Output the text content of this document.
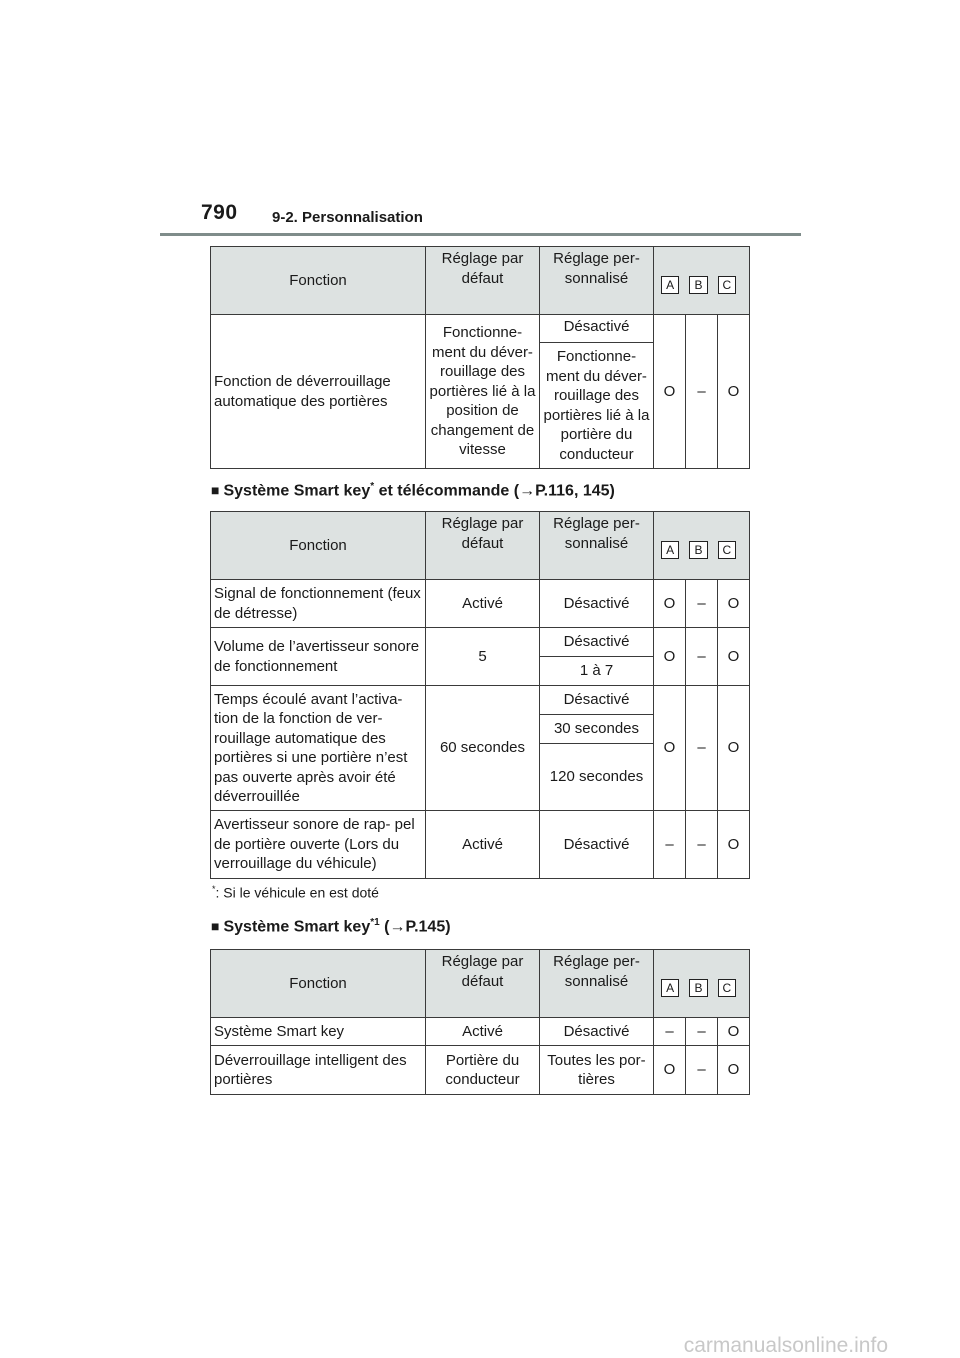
790 9-2. Personnalisation
Fonction	Réglage par défaut	Réglage per- sonnalisé	A B C		

Fonction de déverrouillage automatique des portières	Fonctionne- ment du déver- rouillage des portières lié à la position de changement de vitesse	Désactivé	O	–	O
		Fonctionne- ment du déver- rouillage des portières lié à la portière du conducteur			
■ Système Smart key* et télécommande (→P.116, 145)
Fonction	Réglage par défaut	Réglage per- sonnalisé	A B C		

Signal de fonctionnement (feux de détresse)	Activé	Désactivé	O	–	O
Volume de l’avertisseur sonore de fonctionnement	5	Désactivé	O	–	O
		1 à 7			
Temps écoulé avant l’activa- tion de la fonction de ver- rouillage automatique des portières si une portière n’est pas ouverte après avoir été déverrouillée	60 secondes	Désactivé	O	–	O
		30 secondes			
		120 secondes			
Avertisseur sonore de rap- pel de portière ouverte (Lors du verrouillage du véhicule)	Activé	Désactivé	–	–	O
*: Si le véhicule en est doté
■ Système Smart key$^{*1}$ (→P.145)
Fonction	Réglage par défaut	Réglage per- sonnalisé	A B C		

Système Smart key	Activé	Désactivé	–	–	O
Déverrouillage intelligent des portières	Portière du conducteur	Toutes les por- tières	O	–	O
carmanualsonline.info
